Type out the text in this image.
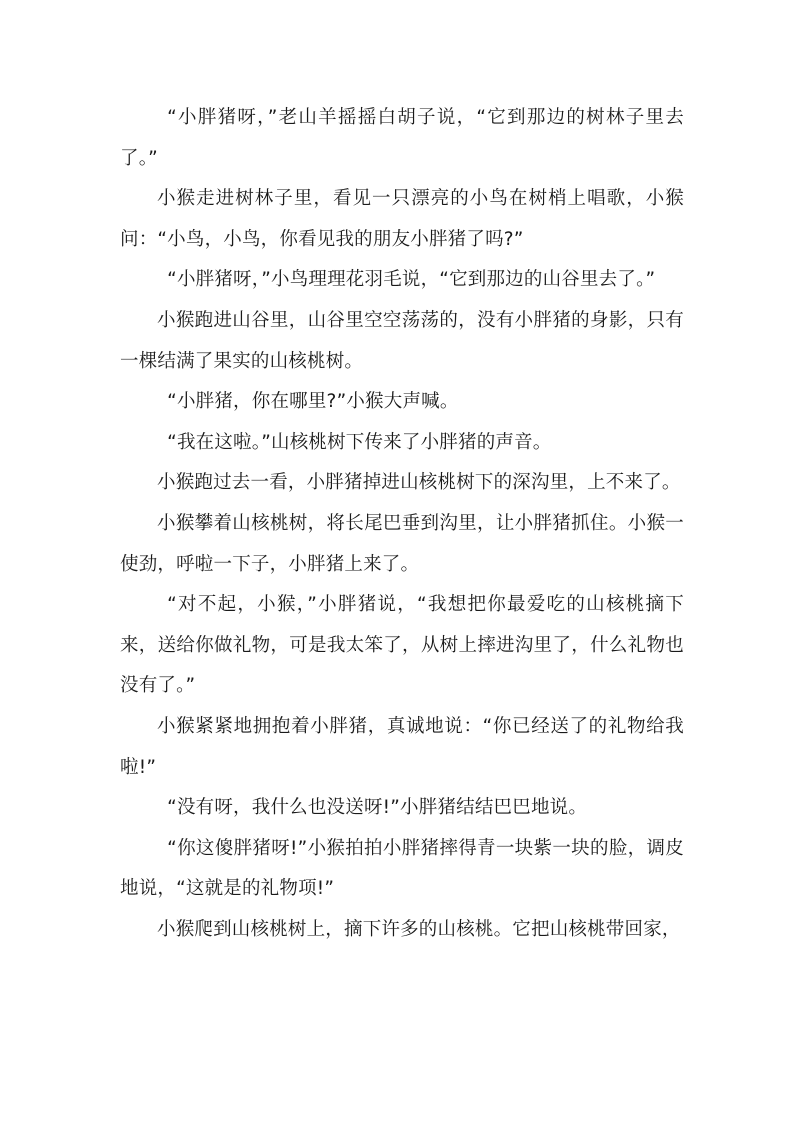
“小胖猪呀，”老山羊摇摇白胡子说，“它到那边的树林子里去了。”

小猴走进树林子里，看见一只漂亮的小鸟在树梢上唱歌，小猴问：“小鸟，小鸟，你看见我的朋友小胖猪了吗?”

“小胖猪呀，”小鸟理理花羽毛说，“它到那边的山谷里去了。”

小猴跑进山谷里，山谷里空空荡荡的，没有小胖猪的身影，只有一棵结满了果实的山核桃树。

“小胖猪，你在哪里?”小猴大声喊。

“我在这啦。”山核桃树下传来了小胖猪的声音。

小猴跑过去一看，小胖猪掉进山核桃树下的深沟里，上不来了。

小猴攀着山核桃树，将长尾巴垂到沟里，让小胖猪抓住。小猴一使劲，呼啦一下子，小胖猪上来了。

“对不起，小猴，”小胖猪说，“我想把你最爱吃的山核桃摘下来，送给你做礼物，可是我太笨了，从树上摔进沟里了，什么礼物也没有了。”

小猴紧紧地拥抱着小胖猪，真诚地说：“你已经送了的礼物给我啦!”

“没有呀，我什么也没送呀!”小胖猪结结巴巴地说。

“你这傻胖猪呀!”小猴拍拍小胖猪摔得青一块紫一块的脸，调皮地说，“这就是的礼物项!”

小猴爬到山核桃树上，摘下许多的山核桃。它把山核桃带回家，
